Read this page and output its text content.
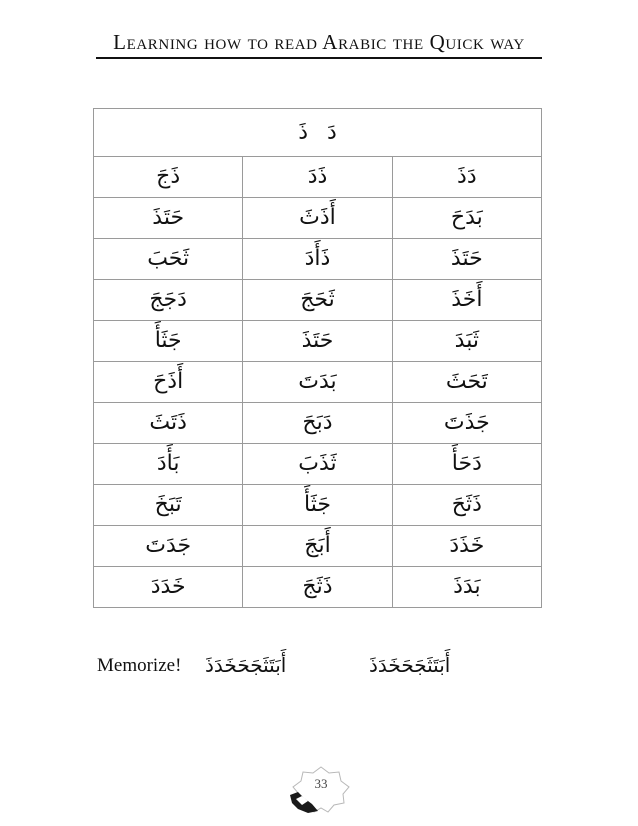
Learning how to read Arabic the Quick way
دَ ذَ		
ذَجَ	ذَدَ	دَذَ
حَتَذَ	أَذَثَ	بَدَحَ
ثَحَبَ	ذَأَدَ	حَتَذَ
دَجَجَ	ثَحَجَ	أَخَذَ
جَثَأَ	حَتَذَ	ثَبَدَ
أَذَحَ	بَدَتَ	تَحَثَ
ذَتَثَ	دَبَحَ	جَذَتَ
بَأَدَ	ثَذَبَ	دَحَأَ
تَبَخَ	جَثَأَ	ذَثَحَ
جَدَتَ	أَبَجَ	خَذَدَ
خَدَدَ	ذَثَجَ	بَدَذَ
Memorize! أَبَتَثَجَحَخَدَذَ	أَبَتَثَجَحَخَدَذَ
33
